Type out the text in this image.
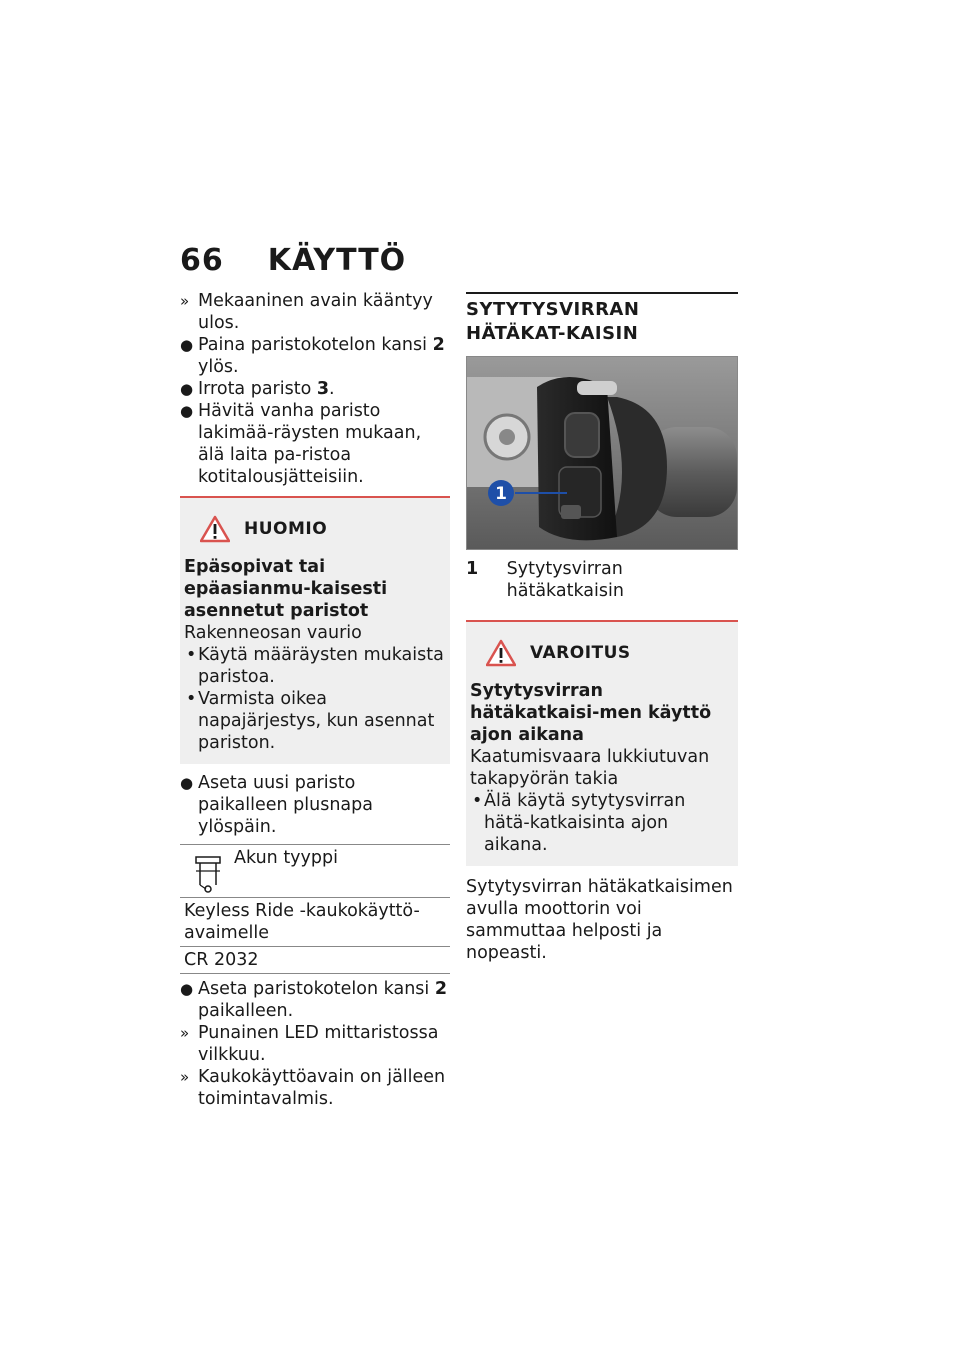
66 KÄYTTÖ

» Mekaaninen avain kääntyy ulos.

● Paina paristokotelon kansi 2 ylös.

● Irrota paristo 3.

● Hävitä vanha paristo lakimää-räysten mukaan, älä laita pa-ristoa kotitalousjätteisiin.

HUOMIO
Epäsopivat tai epäasianmu-kaisesti asennetut paristot
Rakenneosan vaurio
• Käytä määräysten mukaista paristoa.
• Varmista oikea napajärjestys, kun asennat pariston.

● Aseta uusi paristo paikalleen plusnapa ylöspäin.

Akun tyyppi

Keyless Ride -kaukokäyttö-avaimelle
CR 2032

● Aseta paristokotelon kansi 2 paikalleen.

» Punainen LED mittaristossa vilkkuu.

» Kaukokäyttöavain on jälleen toimintavalmis.

SYTYTYSVIRRAN HÄTÄKAT-KAISIN
1
1	Sytytysvirran hätäkatkaisin
VAROITUS
Sytytysvirran hätäkatkaisi-men käyttö ajon aikana
Kaatumisvaara lukkiutuvan takapyörän takia
• Älä käytä sytytysvirran hätä-katkaisinta ajon aikana.

Sytytysvirran hätäkatkaisimen avulla moottorin voi sammuttaa helposti ja nopeasti.
